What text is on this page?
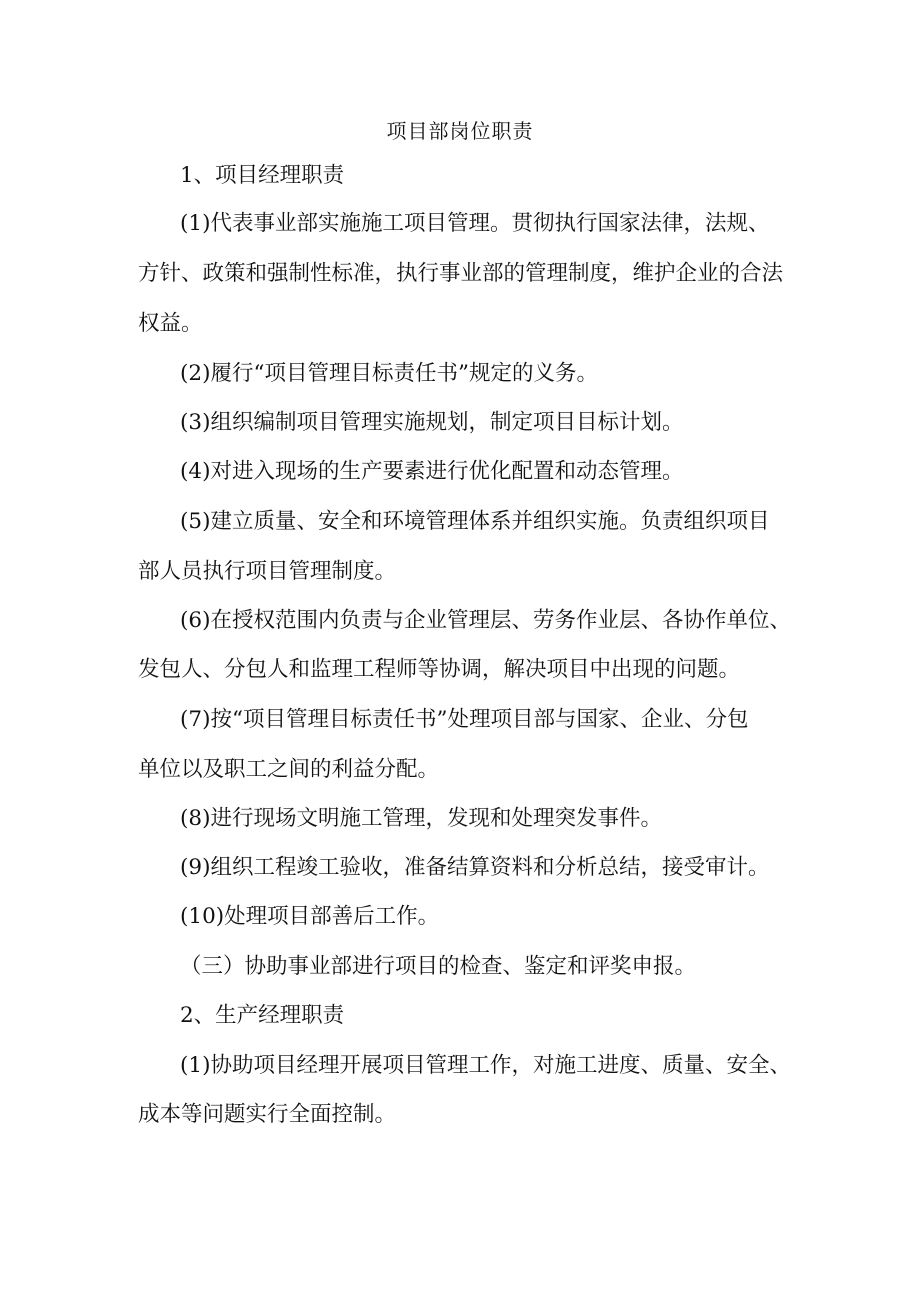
项目部岗位职责
1、项目经理职责
(1)代表事业部实施施工项目管理。贯彻执行国家法律，法规、
方针、政策和强制性标准，执行事业部的管理制度，维护企业的合法
权益。
(2)履行“项目管理目标责任书”规定的义务。
(3)组织编制项目管理实施规划，制定项目目标计划。
(4)对进入现场的生产要素进行优化配置和动态管理。
(5)建立质量、安全和环境管理体系并组织实施。负责组织项目
部人员执行项目管理制度。
(6)在授权范围内负责与企业管理层、劳务作业层、各协作单位、
发包人、分包人和监理工程师等协调，解决项目中出现的问题。
(7)按“项目管理目标责任书”处理项目部与国家、企业、分包
单位以及职工之间的利益分配。
(8)进行现场文明施工管理，发现和处理突发事件。
(9)组织工程竣工验收，准备结算资料和分析总结，接受审计。
(10)处理项目部善后工作。
（三）协助事业部进行项目的检查、鉴定和评奖申报。
2、生产经理职责
(1)协助项目经理开展项目管理工作，对施工进度、质量、安全、
成本等问题实行全面控制。
